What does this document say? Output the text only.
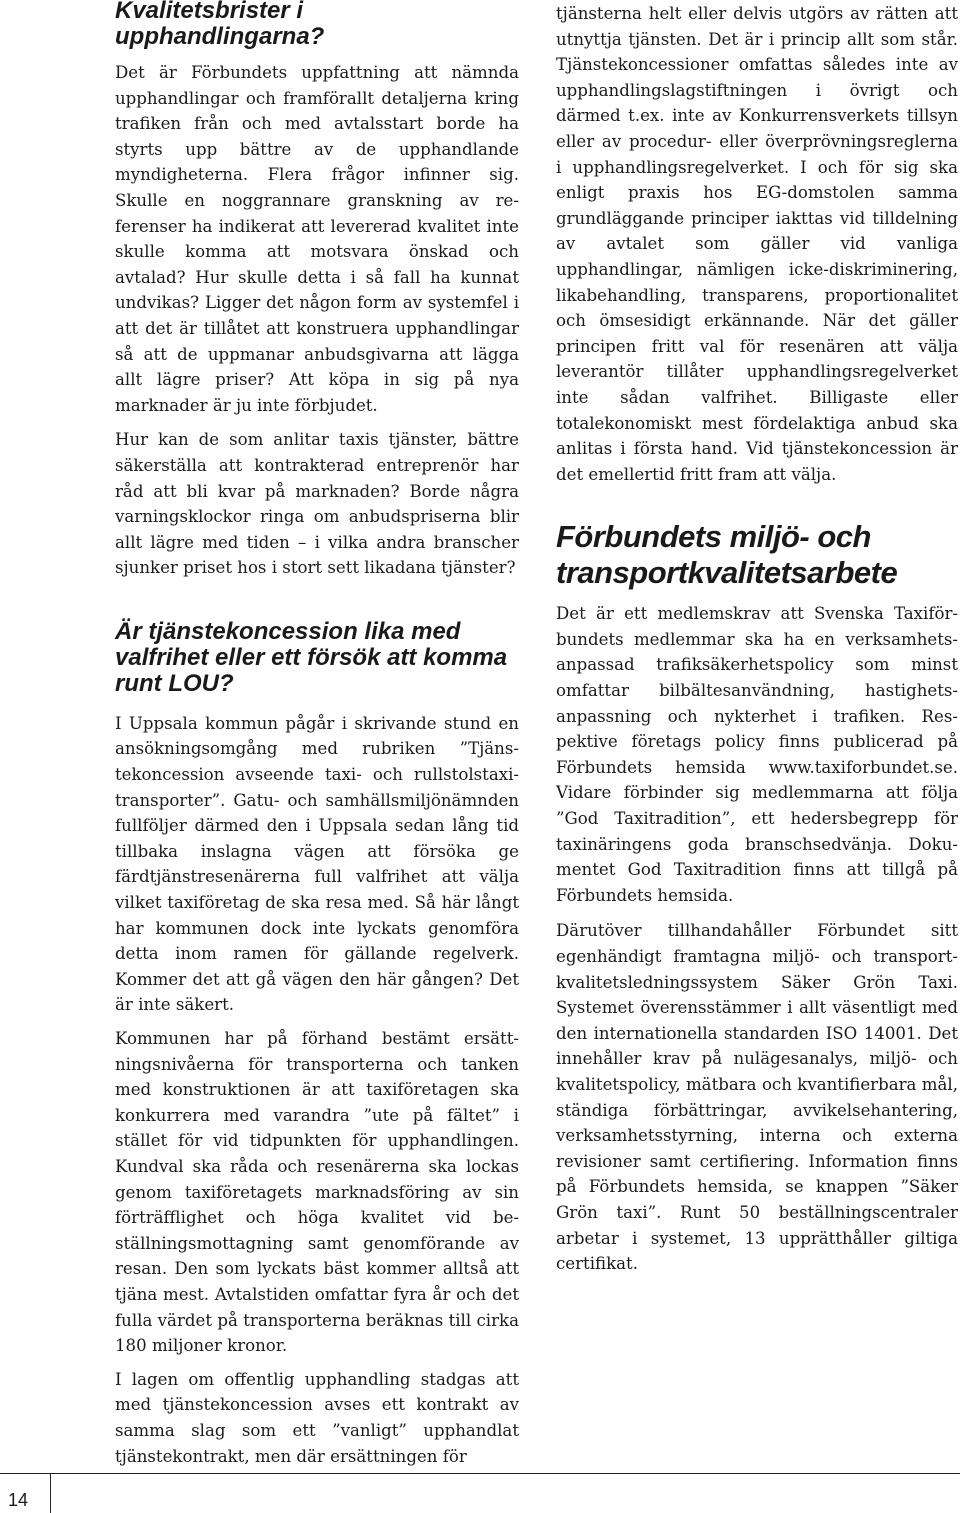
Kvalitetsbrister i upphandlingarna?

Det är Förbundets uppfattning att nämnda upphandlingar och framförallt detaljerna kring trafiken från och med avtalsstart borde ha styrts upp bättre av de upphandlande myndigheterna. Flera frågor infinner sig. Skulle en noggrannare granskning av referenser ha indikerat att levererad kvalitet inte skulle komma att motsvara önskad och avtalad? Hur skulle detta i så fall ha kunnat undvikas? Ligger det någon form av systemfel i att det är tillåtet att konstruera upphandlingar så att de uppmanar anbudsgivarna att lägga allt lägre priser? Att köpa in sig på nya marknader är ju inte förbjudet.

Hur kan de som anlitar taxis tjänster, bättre säkerställa att kontrakterad entreprenör har råd att bli kvar på marknaden? Borde några varningsklockor ringa om anbudspriserna blir allt lägre med tiden – i vilka andra branscher sjunker priset hos i stort sett likadana tjänster?

Är tjänstekoncession lika med valfrihet eller ett försök att komma runt LOU?

I Uppsala kommun pågår i skrivande stund en ansökningsomgång med rubriken ”Tjänstekoncession avseende taxi- och rullstolstaxitransporter”. Gatu- och samhällsmiljönämnden fullföljer därmed den i Uppsala sedan lång tid tillbaka inslagna vägen att försöka ge färdtjänstresenärerna full valfrihet att välja vilket taxiföretag de ska resa med. Så här långt har kommunen dock inte lyckats genomföra detta inom ramen för gällande regelverk. Kommer det att gå vägen den här gången? Det är inte säkert.

Kommunen har på förhand bestämt ersättningsnivåerna för transporterna och tanken med konstruktionen är att taxiföretagen ska konkurrera med varandra ”ute på fältet” i stället för vid tidpunkten för upphandlingen. Kundval ska råda och resenärerna ska lockas genom taxiföretagets marknadsföring av sin förträfflighet och höga kvalitet vid beställningsmottagning samt genomförande av resan. Den som lyckats bäst kommer alltså att tjäna mest. Avtalstiden omfattar fyra år och det fulla värdet på transporterna beräknas till cirka 180 miljoner kronor.

I lagen om offentlig upphandling stadgas att med tjänstekoncession avses ett kontrakt av samma slag som ett ”vanligt” upphandlat tjänstekontrakt, men där ersättningen för

tjänsterna helt eller delvis utgörs av rätten att utnyttja tjänsten. Det är i princip allt som står. Tjänstekoncessioner omfattas således inte av upphandlingslagstiftningen i övrigt och därmed t.ex. inte av Konkurrensverkets tillsyn eller av procedur- eller överprövningsreglerna i upphandlingsregelverket. I och för sig ska enligt praxis hos EG-domstolen samma grundläggande principer iakttas vid tilldelning av avtalet som gäller vid vanliga upphandlingar, nämligen icke-diskriminering, likabehandling, transparens, proportionalitet och ömsesidigt erkännande. När det gäller principen fritt val för resenären att välja leverantör tillåter upphandlingsregelverket inte sådan valfrihet. Billigaste eller totalekonomiskt mest fördelaktiga anbud ska anlitas i första hand. Vid tjänstekoncession är det emellertid fritt fram att välja.

Förbundets miljö- och transportkvalitetsarbete

Det är ett medlemskrav att Svenska Taxiförbundets medlemmar ska ha en verksamhetsanpassad trafiksäkerhetspolicy som minst omfattar bilbältesanvändning, hastighetsanpassning och nykterhet i trafiken. Respektive företags policy finns publicerad på Förbundets hemsida www.taxiforbundet.se. Vidare förbinder sig medlemmarna att följa ”God Taxitradition”, ett hedersbegrepp för taxinäringens goda branschsedvänja. Dokumentet God Taxitradition finns att tillgå på Förbundets hemsida.

Därutöver tillhandahåller Förbundet sitt egenhändigt framtagna miljö- och transportkvalitetsledningssystem Säker Grön Taxi. Systemet överensstämmer i allt väsentligt med den internationella standarden ISO 14001. Det innehåller krav på nulägesanalys, miljö- och kvalitetspolicy, mätbara och kvantifierbara mål, ständiga förbättringar, avvikelsehantering, verksamhetsstyrning, interna och externa revisioner samt certifiering. Information finns på Förbundets hemsida, se knappen ”Säker Grön taxi”. Runt 50 beställningscentraler arbetar i systemet, 13 upprätthåller giltiga certifikat.

14
